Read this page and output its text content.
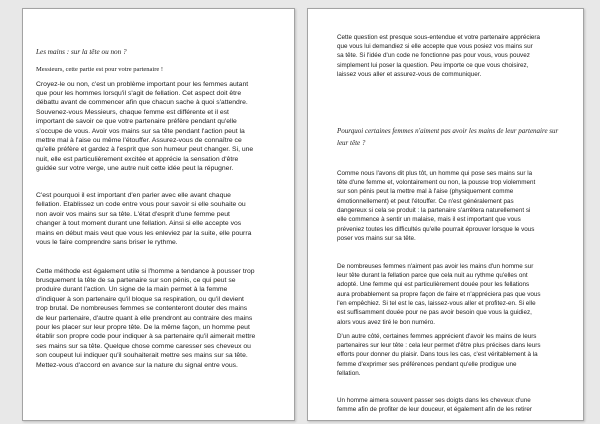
Les mains : sur la tête ou non ?
Messieurs, cette partie est pour votre partenaire !
Croyez-le ou non, c'est un problème important pour les femmes autant
que pour les hommes lorsqu'il s'agit de fellation. Cet aspect doit être
débattu avant de commencer afin que chacun sache à quoi s'attendre.
Souvenez-vous Messieurs, chaque femme est différente et il est
important de savoir ce que votre partenaire préfère pendant qu'elle
s'occupe de vous. Avoir vos mains sur sa tête pendant l'action peut la
mettre mal à l'aise ou même l'étouffer. Assurez-vous de connaître ce
qu'elle préfère et gardez à l'esprit que son humeur peut changer. Si, une
nuit, elle est particulièrement excitée et apprécie la sensation d'être
guidée sur votre verge, une autre nuit cette idée peut la répugner.
C'est pourquoi il est important d'en parler avec elle avant chaque
fellation. Etablissez un code entre vous pour savoir si elle souhaite ou
non avoir vos mains sur sa tête. L'état d'esprit d'une femme peut
changer à tout moment durant une fellation. Ainsi si elle accepte vos
mains en début mais veut que vous les enleviez par la suite, elle pourra
vous le faire comprendre sans briser le rythme.
Cette méthode est également utile si l'homme a tendance à pousser trop
brusquement la tête de sa partenaire sur son pénis, ce qui peut se
produire durant l'action. Un signe de la main permet à la femme
d'indiquer à son partenaire qu'il bloque sa respiration, ou qu'il devient
trop brutal. De nombreuses femmes se contenteront douter des mains
de leur partenaire, d'autre quant à elle prendront au contraire des mains
pour les placer sur leur propre tête. De la même façon, un homme peut
établir son propre code pour indiquer à sa partenaire qu'il aimerait mettre
ses mains sur sa tête. Quelque chose comme caresser ses cheveux ou
son coupeut lui indiquer qu'il souhaiterait mettre ses mains sur sa tête.
Mettez-vous d'accord en avance sur la nature du signal entre vous.
Cette question est presque sous-entendue et votre partenaire appréciera
que vous lui demandiez si elle accepte que vous posiez vos mains sur
sa tête. Si l'idée d'un code ne fonctionne pas pour vous, vous pouvez
simplement lui poser la question. Peu importe ce que vous choisirez,
laissez vous aller et assurez-vous de communiquer.
Pourquoi certaines femmes n'aiment pas avoir les mains de leur partenaire sur
leur tête ?
Comme nous l'avons dit plus tôt, un homme qui pose ses mains sur la
tête d'une femme et, volontairement ou non, la pousse trop violemment
sur son pénis peut la mettre mal à l'aise (physiquement comme
émotionnellement) et peut l'étouffer. Ce n'est généralement pas
dangereux si cela se produit : la partenaire s'arrêtera naturellement si
elle commence à sentir un malaise, mais il est important que vous
préveniez toutes les difficultés qu'elle pourrait éprouver lorsque le vous
poser vos mains sur sa tête.
De nombreuses femmes n'aiment pas avoir les mains d'un homme sur
leur tête durant la fellation parce que cela nuit au rythme qu'elles ont
adopté. Une femme qui est particulièrement douée pour les fellations
aura probablement sa propre façon de faire et n'appréciera pas que vous
l'en empêchiez. Si tel est le cas, laissez-vous aller et profitez-en. Si elle
est suffisamment douée pour ne pas avoir besoin que vous la guidiez,
alors vous avez tiré le bon numéro.
D'un autre côté, certaines femmes apprécient d'avoir les mains de leurs
partenaires sur leur tête : cela leur permet d'être plus précises dans leurs
efforts pour donner du plaisir. Dans tous les cas, c'est véritablement à la
femme d'exprimer ses préférences pendant qu'elle prodigue une
fellation.
Un homme aimera souvent passer ses doigts dans les cheveux d'une
femme afin de profiter de leur douceur, et également afin de les retirer
